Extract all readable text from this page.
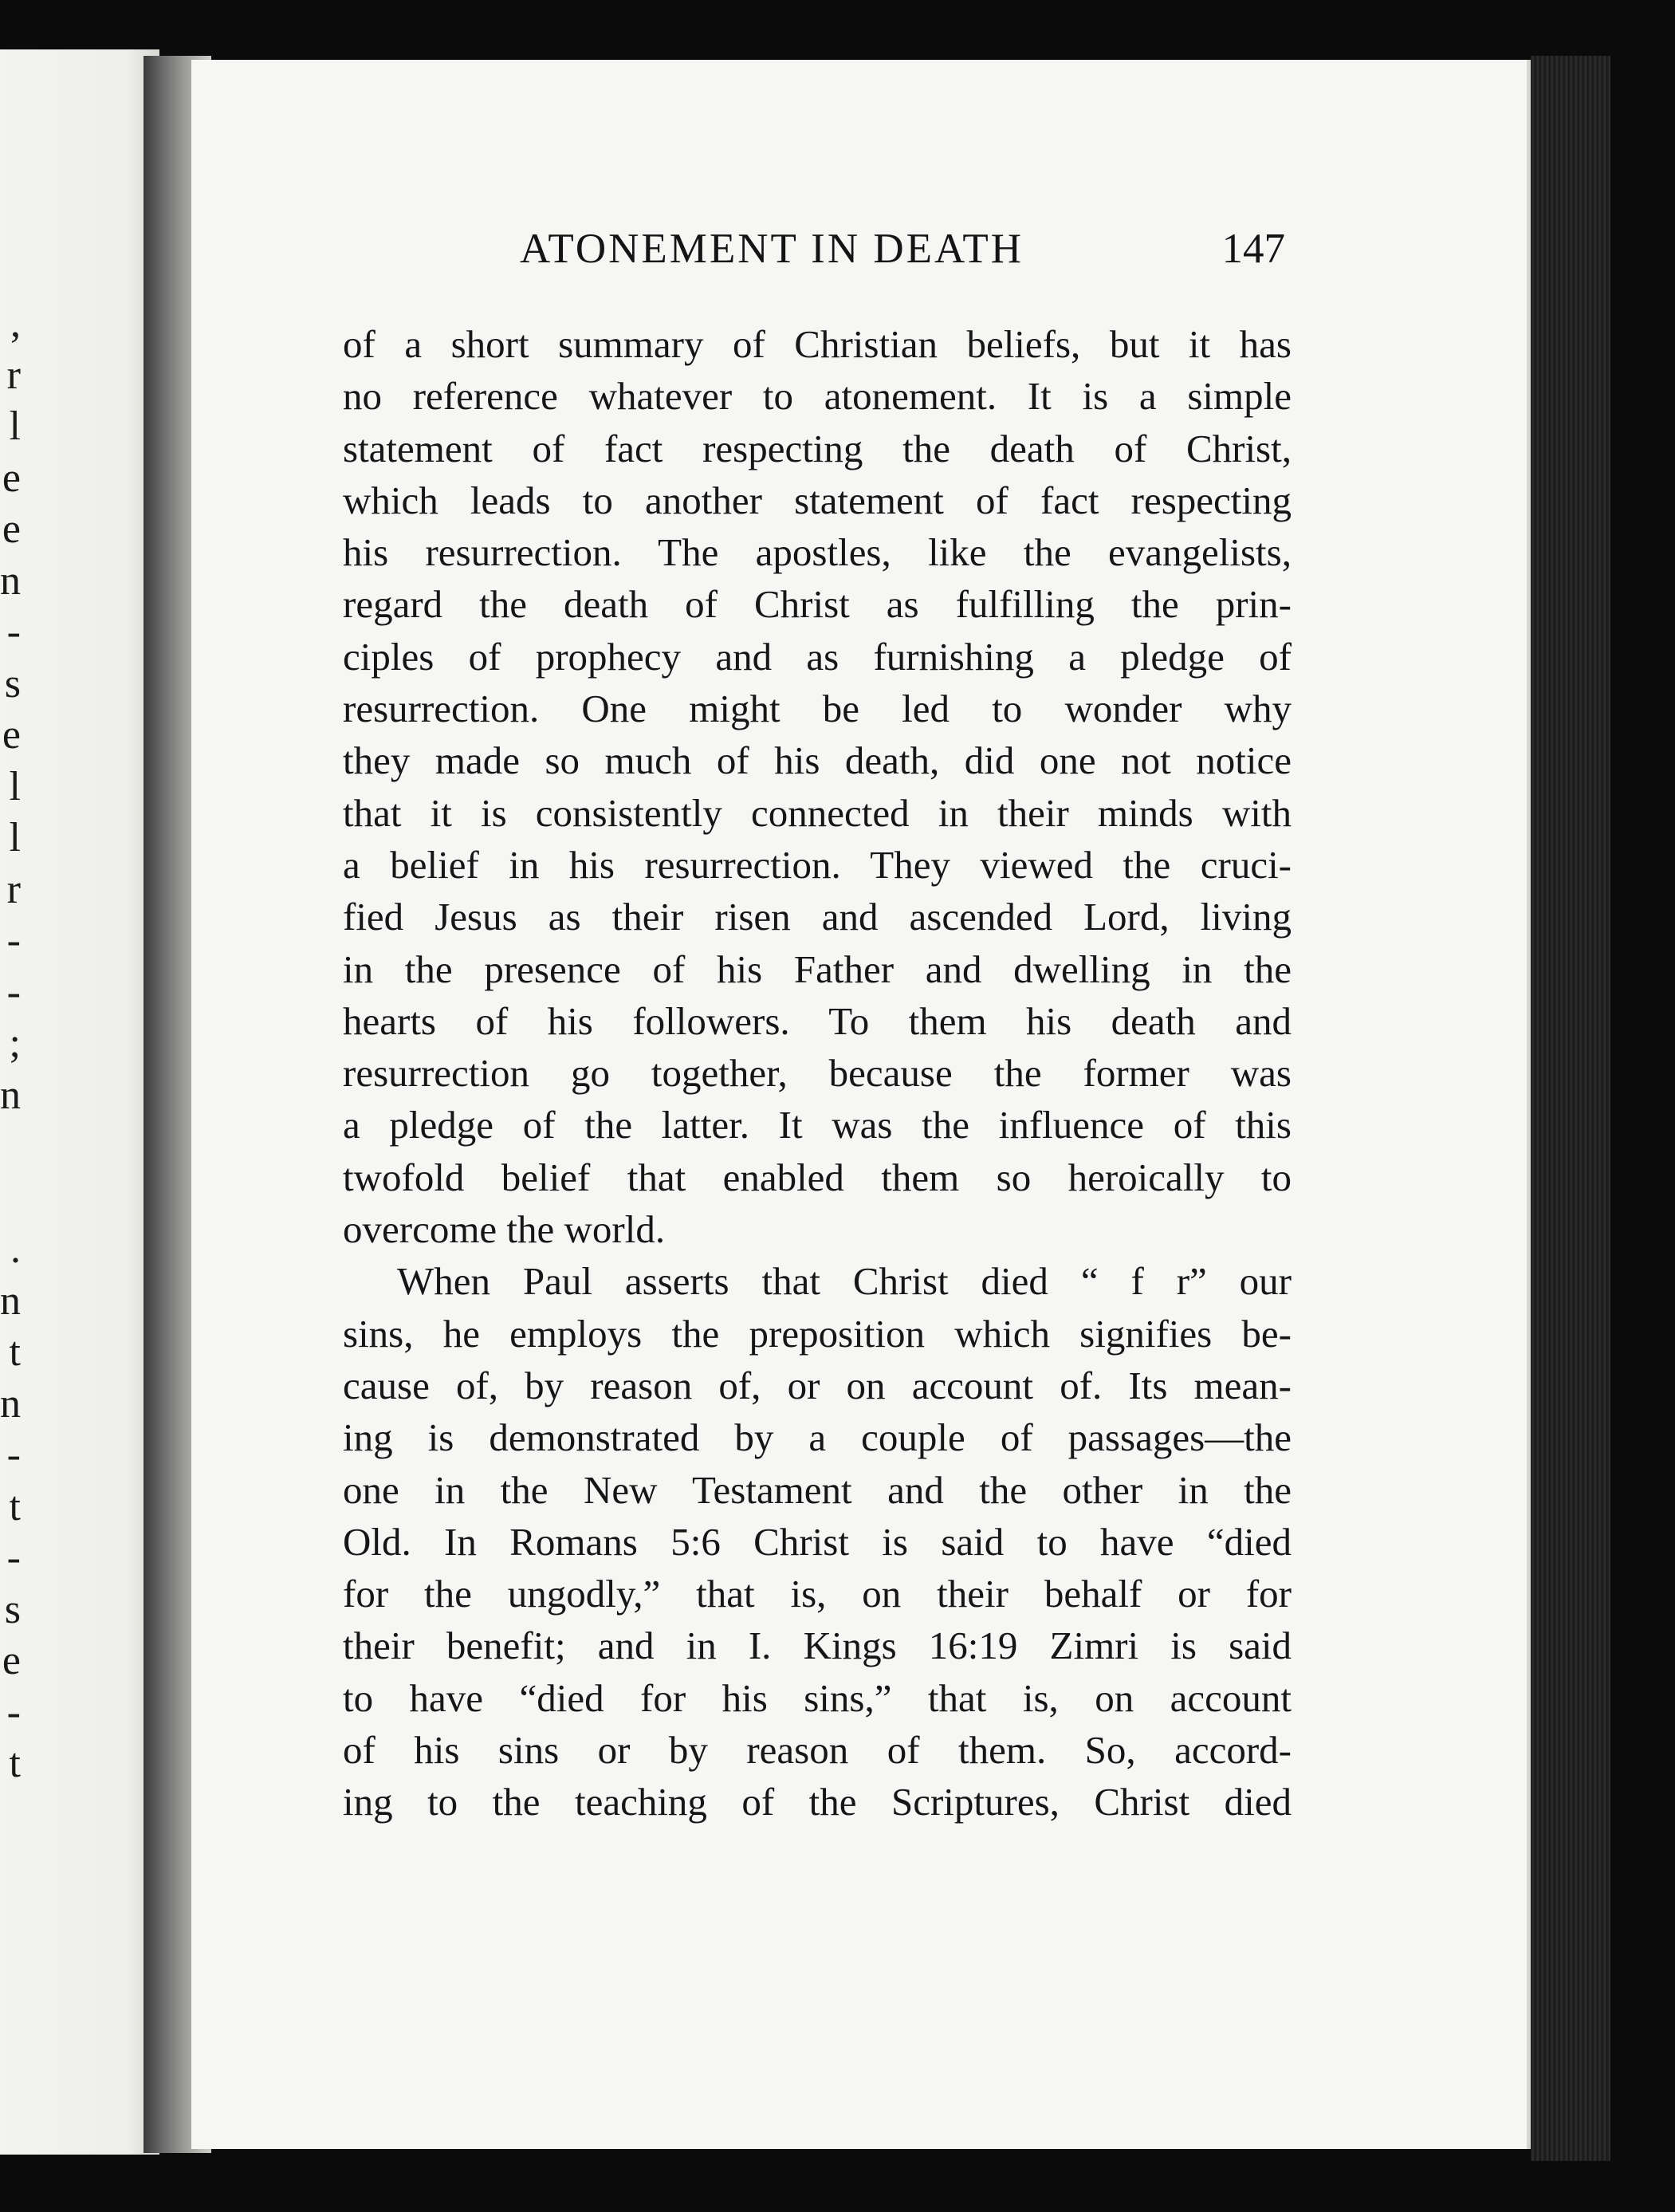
,
r
l
e
e
n
-
s
e
l
l
r
-
-
;
n
.
n
t
n
-
t
-
s
e
-
t
ATONEMENT IN DEATH	147
of a short summary of Christian beliefs, but it has
no reference whatever to atonement. It is a simple
statement of fact respecting the death of Christ,
which leads to another statement of fact respecting
his resurrection. The apostles, like the evangelists,
regard the death of Christ as fulfilling the prin-
ciples of prophecy and as furnishing a pledge of
resurrection. One might be led to wonder why
they made so much of his death, did one not notice
that it is consistently connected in their minds with
a belief in his resurrection. They viewed the cruci-
fied Jesus as their risen and ascended Lord, living
in the presence of his Father and dwelling in the
hearts of his followers. To them his death and
resurrection go together, because the former was
a pledge of the latter. It was the influence of this
twofold belief that enabled them so heroically to
overcome the world.
When Paul asserts that Christ died “ f r” our
sins, he employs the preposition which signifies be-
cause of, by reason of, or on account of. Its mean-
ing is demonstrated by a couple of passages—the
one in the New Testament and the other in the
Old. In Romans 5:6 Christ is said to have “died
for the ungodly,” that is, on their behalf or for
their benefit; and in I. Kings 16:19 Zimri is said
to have “died for his sins,” that is, on account
of his sins or by reason of them. So, accord-
ing to the teaching of the Scriptures, Christ died
